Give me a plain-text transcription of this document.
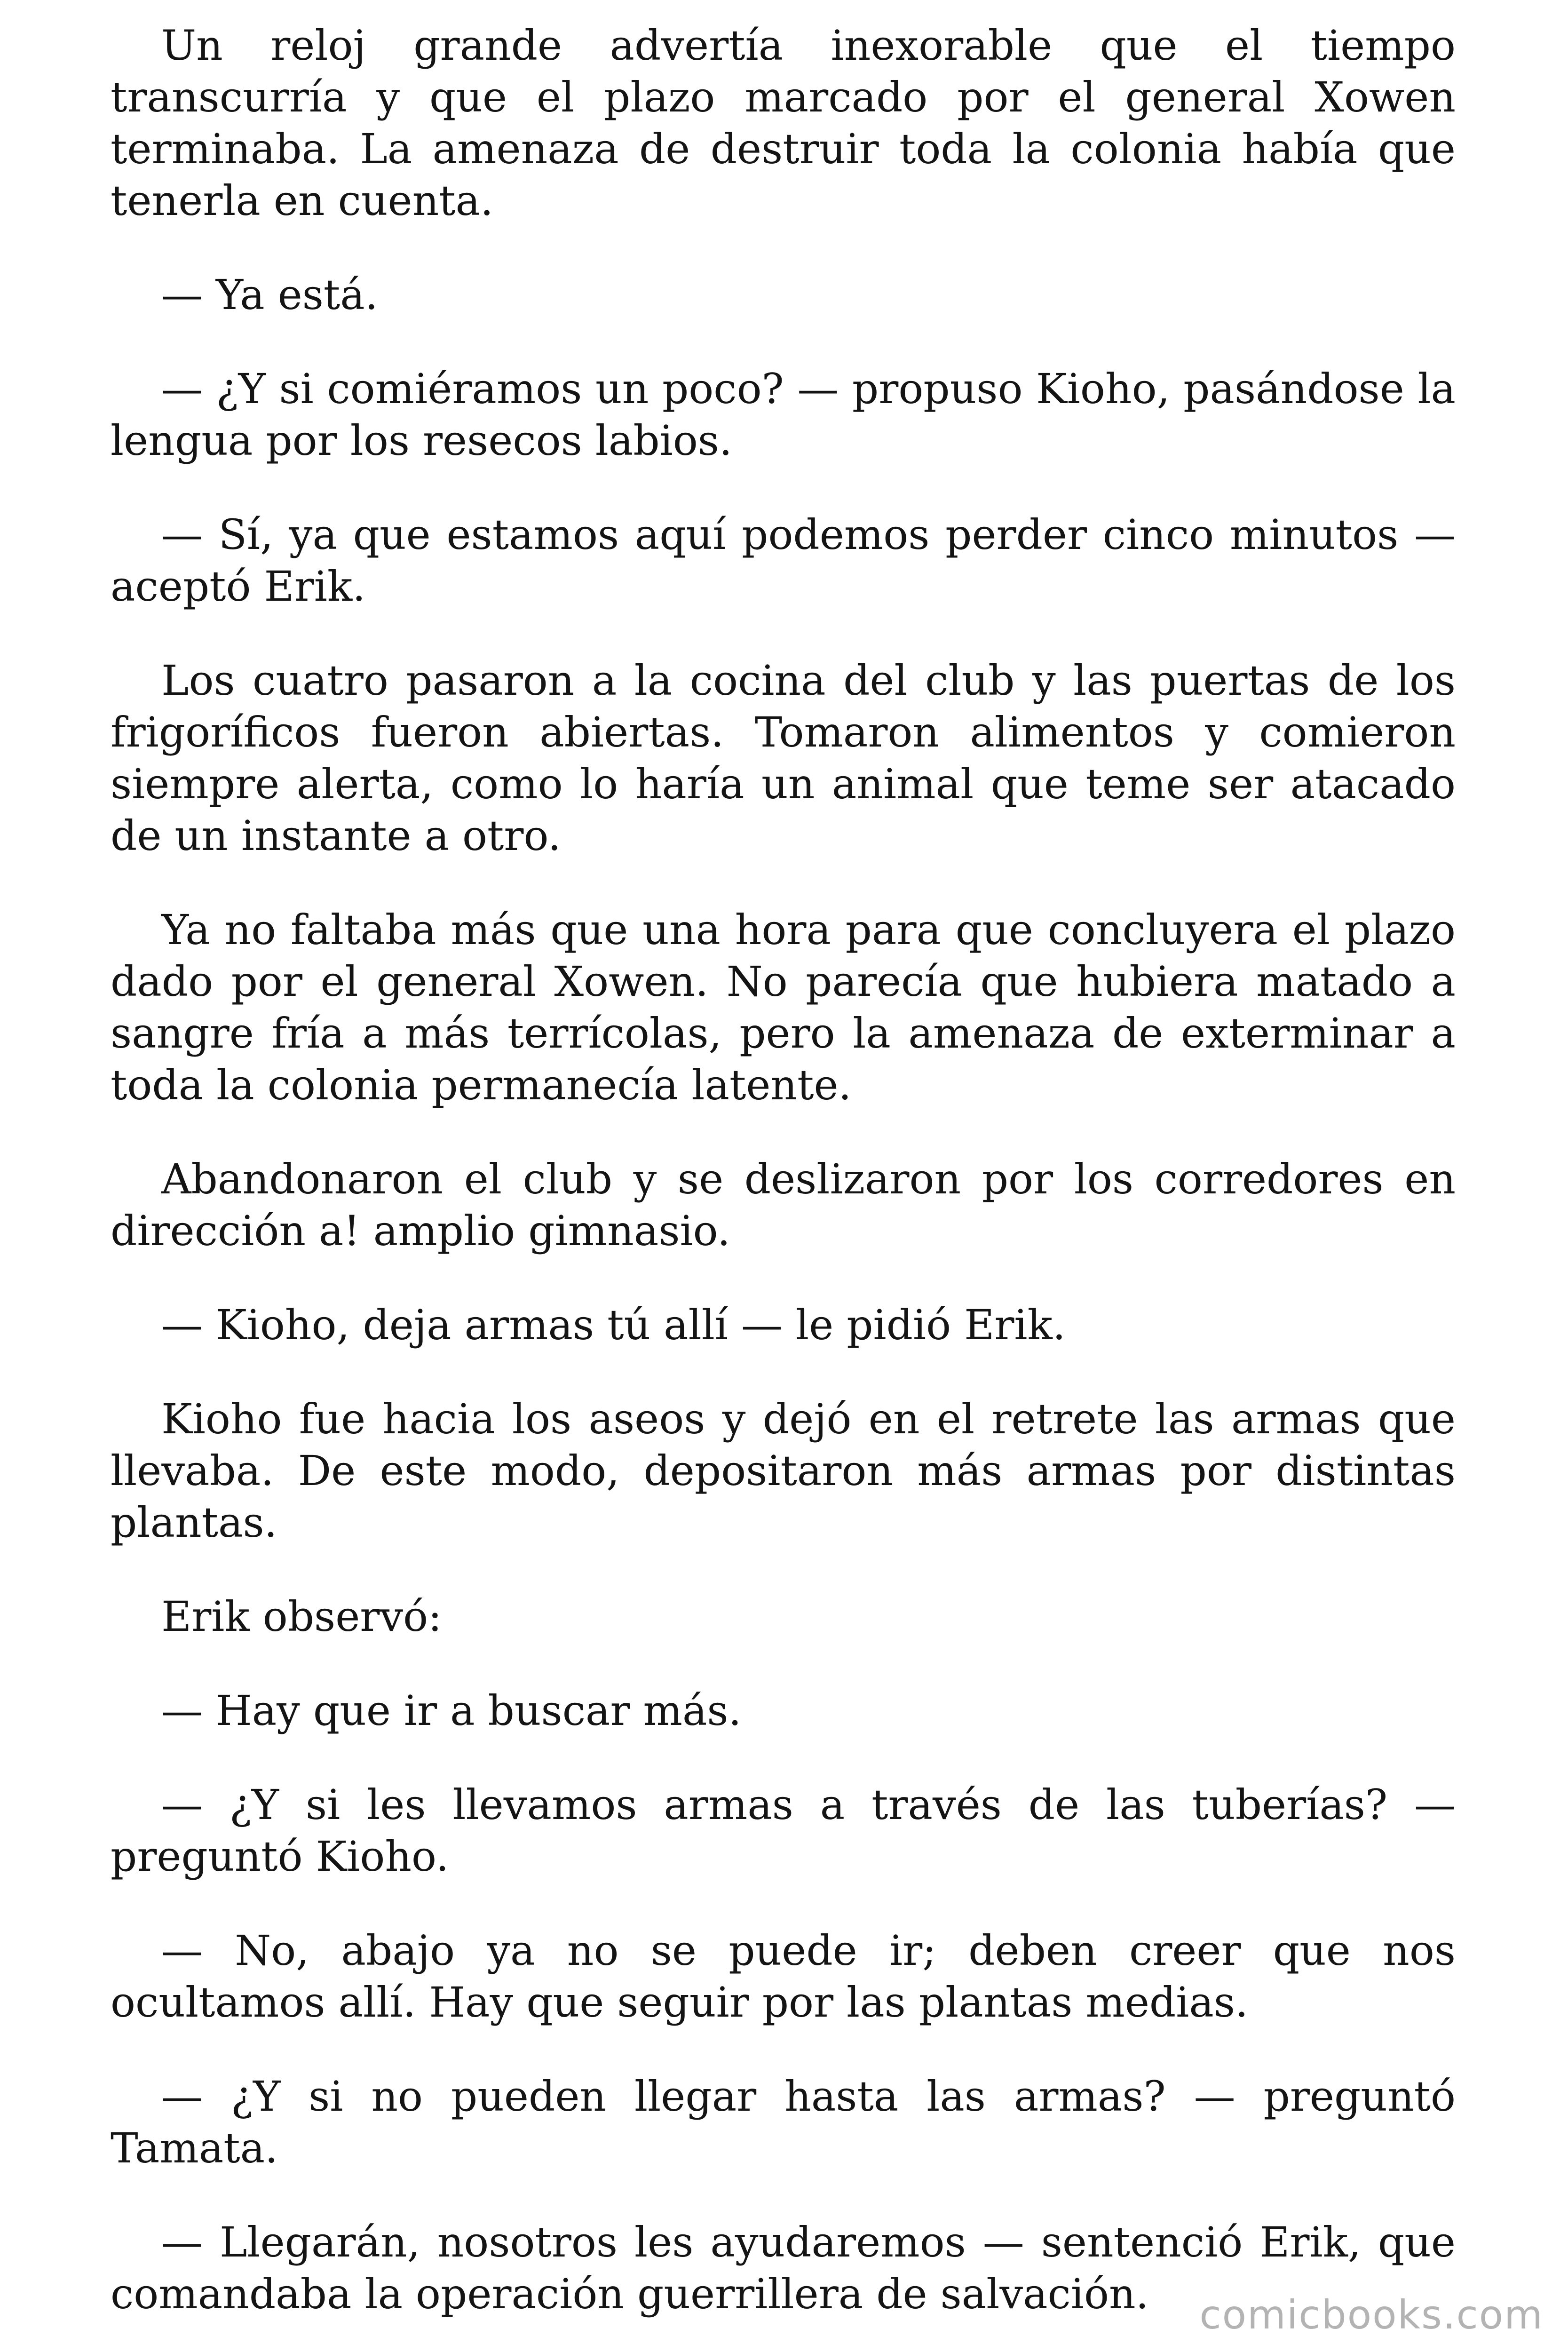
Un reloj grande advertía inexorable que el tiempo transcurría y que el plazo marcado por el general Xowen terminaba. La amenaza de destruir toda la colonia había que tenerla en cuenta.

— Ya está.

— ¿Y si comiéramos un poco? — propuso Kioho, pasándose la lengua por los resecos labios.

— Sí, ya que estamos aquí podemos perder cinco minutos — aceptó Erik.

Los cuatro pasaron a la cocina del club y las puertas de los frigoríficos fueron abiertas. Tomaron alimentos y comieron siempre alerta, como lo haría un animal que teme ser atacado de un instante a otro.

Ya no faltaba más que una hora para que concluyera el plazo dado por el general Xowen. No parecía que hubiera matado a sangre fría a más terrícolas, pero la amenaza de exterminar a toda la colonia permanecía latente.

Abandonaron el club y se deslizaron por los corredores en dirección a! amplio gimnasio.

— Kioho, deja armas tú allí — le pidió Erik.

Kioho fue hacia los aseos y dejó en el retrete las armas que llevaba. De este modo, depositaron más armas por distintas plantas.

Erik observó:

— Hay que ir a buscar más.

— ¿Y si les llevamos armas a través de las tuberías? — preguntó Kioho.

— No, abajo ya no se puede ir; deben creer que nos ocultamos allí. Hay que seguir por las plantas medias.

— ¿Y si no pueden llegar hasta las armas? — preguntó Tamata.

— Llegarán, nosotros les ayudaremos — sentenció Erik, que comandaba la operación guerrillera de salvación.	comicbooks.com
